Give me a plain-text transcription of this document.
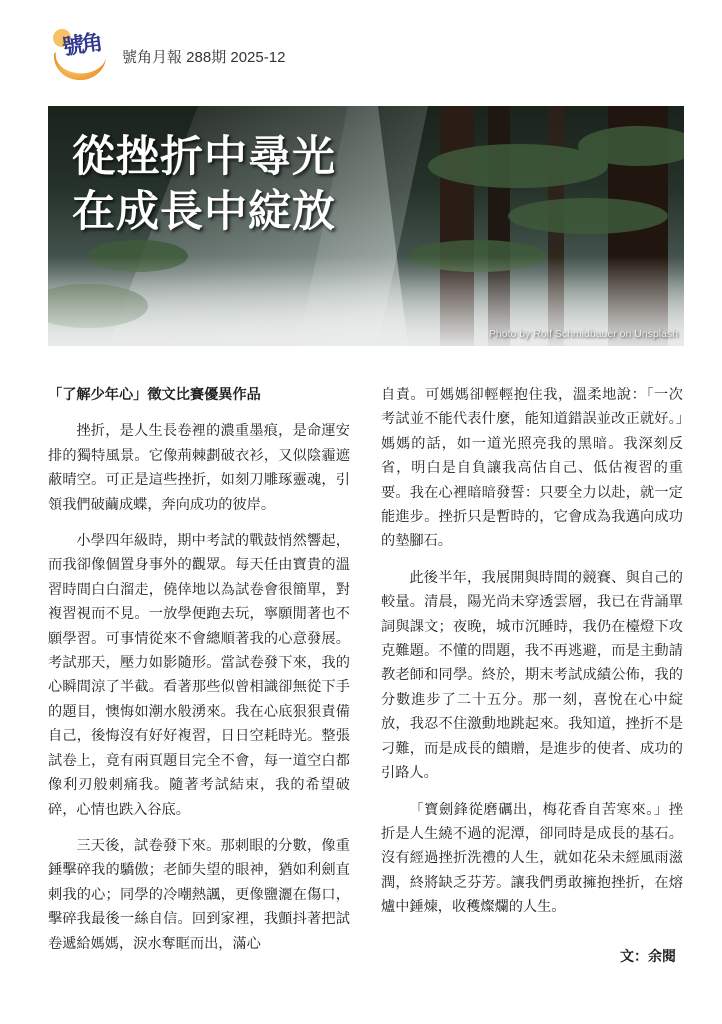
號角 號角月報 288期 2025-12
從挫折中尋光
在成長中綻放
Photo by Rolf Schmidbauer on Unsplash
「了解少年心」徵文比賽優異作品

挫折，是人生長卷裡的濃重墨痕，是命運安排的獨特風景。它像荊棘劃破衣衫，又似陰霾遮蔽晴空。可正是這些挫折，如刻刀雕琢靈魂，引領我們破繭成蝶，奔向成功的彼岸。

小學四年級時，期中考試的戰鼓悄然響起，而我卻像個置身事外的觀眾。每天任由寶貴的溫習時間白白溜走，僥倖地以為試卷會很簡單，對複習視而不見。一放學便跑去玩，寧願閒著也不願學習。可事情從來不會總順著我的心意發展。考試那天，壓力如影隨形。當試卷發下來，我的心瞬間涼了半截。看著那些似曾相識卻無從下手的題目，懊悔如潮水般湧來。我在心底狠狠責備自己，後悔沒有好好複習，日日空耗時光。整張試卷上，竟有兩頁題目完全不會，每一道空白都像利刃般刺痛我。隨著考試結束，我的希望破碎，心情也跌入谷底。

三天後，試卷發下來。那刺眼的分數，像重錘擊碎我的驕傲；老師失望的眼神，猶如利劍直刺我的心；同學的冷嘲熱諷，更像鹽灑在傷口，擊碎我最後一絲自信。回到家裡，我顫抖著把試卷遞給媽媽，淚水奪眶而出，滿心

自責。可媽媽卻輕輕抱住我，溫柔地說：「一次考試並不能代表什麼，能知道錯誤並改正就好。」媽媽的話，如一道光照亮我的黑暗。我深刻反省，明白是自負讓我高估自己、低估複習的重要。我在心裡暗暗發誓：只要全力以赴，就一定能進步。挫折只是暫時的，它會成為我邁向成功的墊腳石。

此後半年，我展開與時間的競賽、與自己的較量。清晨，陽光尚未穿透雲層，我已在背誦單詞與課文；夜晚，城市沉睡時，我仍在檯燈下攻克難題。不懂的問題，我不再逃避，而是主動請教老師和同學。終於，期末考試成績公佈，我的分數進步了二十五分。那一刻，喜悅在心中綻放，我忍不住激動地跳起來。我知道，挫折不是刁難，而是成長的饋贈，是進步的使者、成功的引路人。

「寶劍鋒從磨礪出，梅花香自苦寒來。」挫折是人生繞不過的泥潭，卻同時是成長的基石。沒有經過挫折洗禮的人生，就如花朵未經風雨滋潤，終將缺乏芬芳。讓我們勇敢擁抱挫折，在熔爐中錘煉，收穫燦爛的人生。

文：余閱
